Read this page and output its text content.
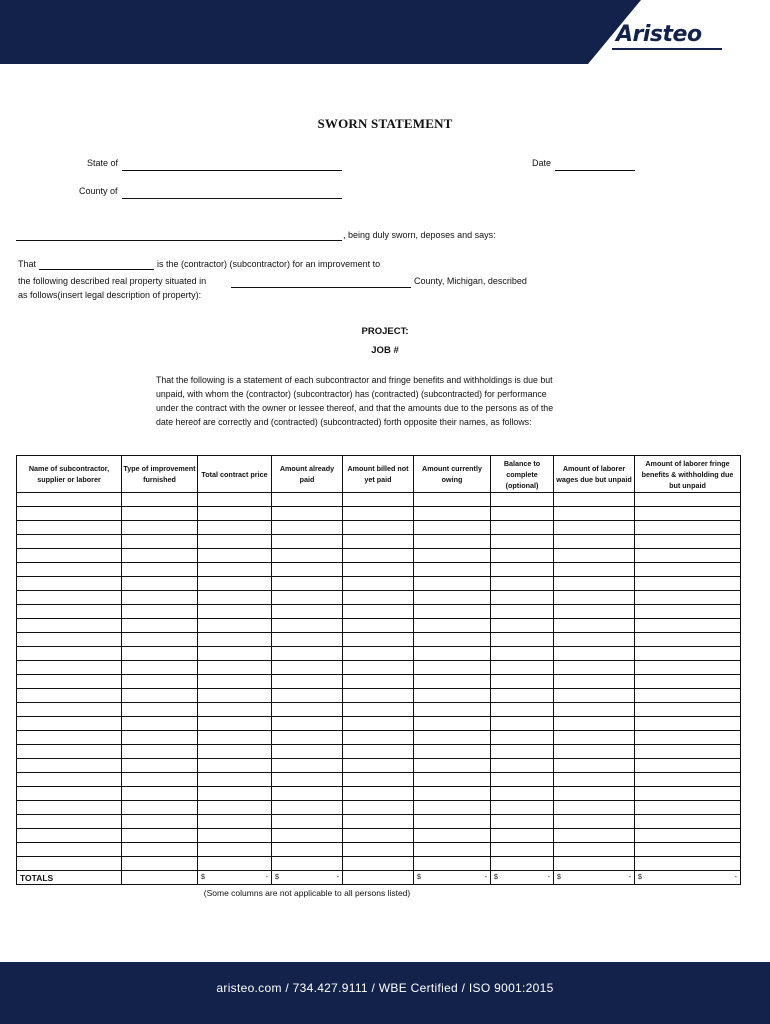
Aristeo
SWORN STATEMENT
State of	Date
County of
, being duly sworn, deposes and says:
That	is the (contractor) (subcontractor) for an improvement to
the following described real property situated in	County, Michigan, described
as follows(insert legal description of property):
PROJECT:
JOB #
That the following is a statement of each subcontractor and fringe benefits and withholdings is due but
unpaid, with whom the (contractor) (subcontractor) has (contracted) (subcontracted) for performance
under the contract with the owner or lessee thereof, and that the amounts due to the persons as of the
date hereof are correctly and (contracted) (subcontracted) forth opposite their names, as follows:
Name of subcontractor, supplier or laborer	Type of improvement furnished	Total contract price	Amount already paid	Amount billed not yet paid	Amount currently owing	Balance to complete (optional)	Amount of laborer wages due but unpaid	Amount of laborer fringe benefits & withholding due but unpaid

TOTALS		$ -	$ -		$ -	$ -	$ -	$ -
(Some columns are not applicable to all persons listed)
aristeo.com / 734.427.9111 / WBE Certified / ISO 9001:2015
